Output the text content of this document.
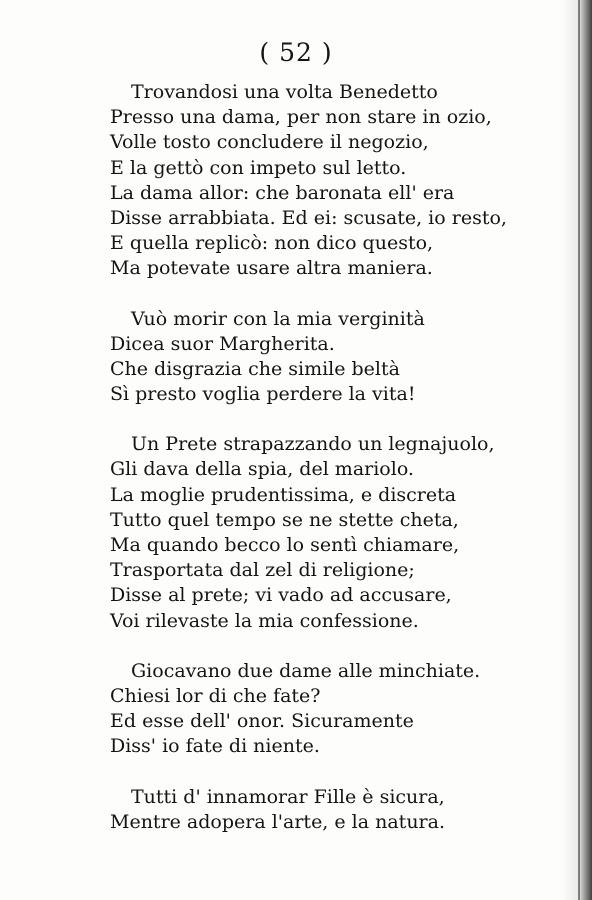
( 52 )
Trovandosi una volta Benedetto
Presso una dama, per non stare in ozio,
Volle tosto concludere il negozio,
E la gettò con impeto sul letto.
La dama allor: che baronata ell' era
Disse arrabbiata. Ed ei: scusate, io resto,
E quella replicò: non dico questo,
Ma potevate usare altra maniera.
Vuò morir con la mia verginità
Dicea suor Margherita.
Che disgrazia che simile beltà
Sì presto voglia perdere la vita!
Un Prete strapazzando un legnajuolo,
Gli dava della spia, del mariolo.
La moglie prudentissima, e discreta
Tutto quel tempo se ne stette cheta,
Ma quando becco lo sentì chiamare,
Trasportata dal zel di religione;
Disse al prete; vi vado ad accusare,
Voi rilevaste la mia confessione.
Giocavano due dame alle minchiate.
Chiesi lor di che fate?
Ed esse dell' onor. Sicuramente
Diss' io fate di niente.
Tutti d' innamorar Fille è sicura,
Mentre adopera l'arte, e la natura.
